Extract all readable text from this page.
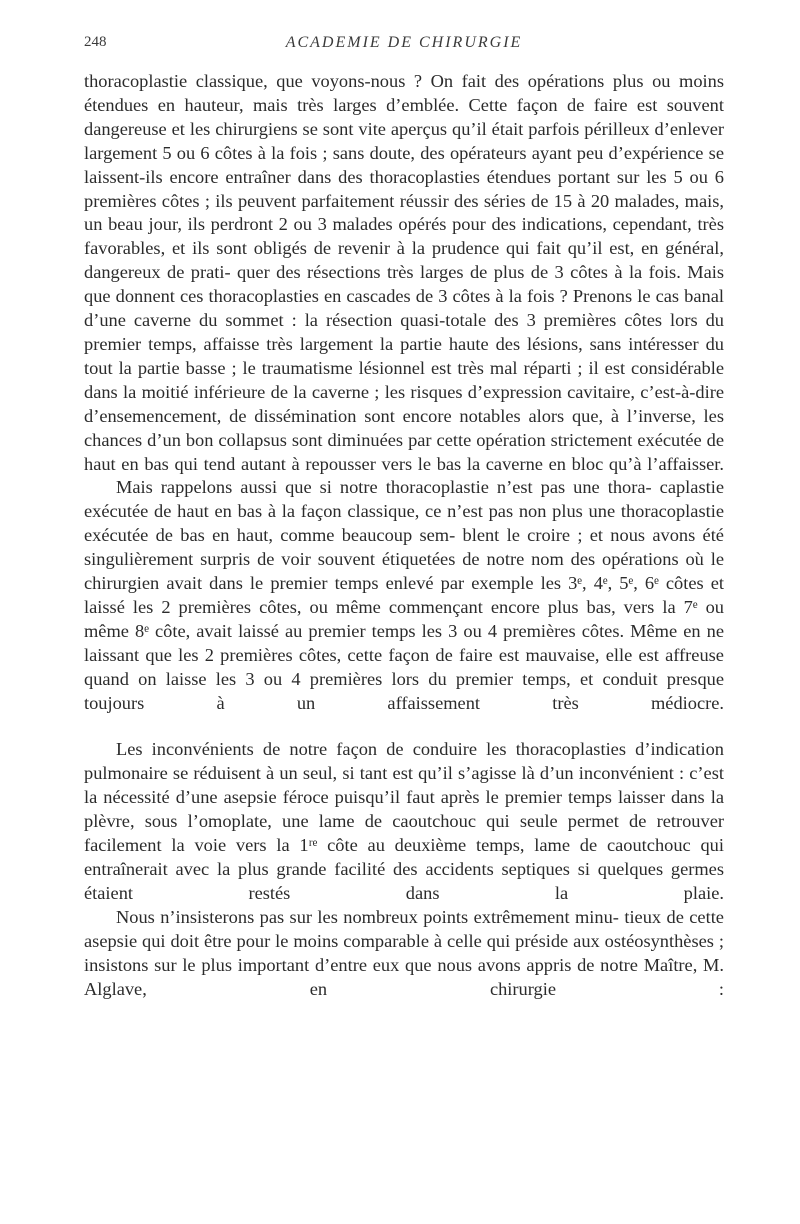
248	ACADEMIE DE CHIRURGIE

thoracoplastie classique, que voyons-nous ? On fait des opérations plus ou moins étendues en hauteur, mais très larges d’emblée. Cette façon de faire est souvent dangereuse et les chirurgiens se sont vite aperçus qu’il était parfois périlleux d’enlever largement 5 ou 6 côtes à la fois ; sans doute, des opérateurs ayant peu d’expérience se laissent-ils encore entraîner dans des thoracoplasties étendues portant sur les 5 ou 6 premières côtes ; ils peuvent parfaitement réussir des séries de 15 à 20 malades, mais, un beau jour, ils perdront 2 ou 3 malades opérés pour des indications, cependant, très favorables, et ils sont obligés de revenir à la prudence qui fait qu’il est, en général, dangereux de prati- quer des résections très larges de plus de 3 côtes à la fois. Mais que donnent ces thoracoplasties en cascades de 3 côtes à la fois ? Prenons le cas banal d’une caverne du sommet : la résection quasi-totale des 3 premières côtes lors du premier temps, affaisse très largement la partie haute des lésions, sans intéresser du tout la partie basse ; le traumatisme lésionnel est très mal réparti ; il est considérable dans la moitié inférieure de la caverne ; les risques d’expression cavitaire, c’est-à-dire d’ensemencement, de dissémination sont encore notables alors que, à l’inverse, les chances d’un bon collapsus sont diminuées par cette opération strictement exécutée de haut en bas qui tend autant à repousser vers le bas la caverne en bloc qu’à l’affaisser.

Mais rappelons aussi que si notre thoracoplastie n’est pas une thora- caplastie exécutée de haut en bas à la façon classique, ce n’est pas non plus une thoracoplastie exécutée de bas en haut, comme beaucoup sem- blent le croire ; et nous avons été singulièrement surpris de voir souvent étiquetées de notre nom des opérations où le chirurgien avait dans le premier temps enlevé par exemple les 3ᵉ, 4ᵉ, 5ᵉ, 6ᵉ côtes et laissé les 2 premières côtes, ou même commençant encore plus bas, vers la 7ᵉ ou même 8ᵉ côte, avait laissé au premier temps les 3 ou 4 premières côtes. Même en ne laissant que les 2 premières côtes, cette façon de faire est mauvaise, elle est affreuse quand on laisse les 3 ou 4 premières lors du premier temps, et conduit presque toujours à un affaissement	très médiocre.

Les inconvénients de notre façon de conduire les thoracoplasties d’indication pulmonaire se réduisent à un seul, si tant est qu’il s’agisse là d’un inconvénient : c’est la nécessité d’une asepsie féroce puisqu’il faut après le premier temps laisser dans la plèvre, sous l’omoplate, une lame de caoutchouc qui seule permet de retrouver facilement la voie vers la 1ʳᵉ côte au deuxième temps, lame de caoutchouc qui entraînerait avec la plus grande facilité des accidents septiques si quelques germes étaient restés dans la plaie.

Nous n’insisterons pas sur les nombreux points extrêmement minu- tieux de cette asepsie qui doit être pour le moins comparable à celle qui préside aux ostéosynthèses ; insistons sur le plus important d’entre eux que nous avons appris de notre Maître, M. Alglave, en chirurgie :
